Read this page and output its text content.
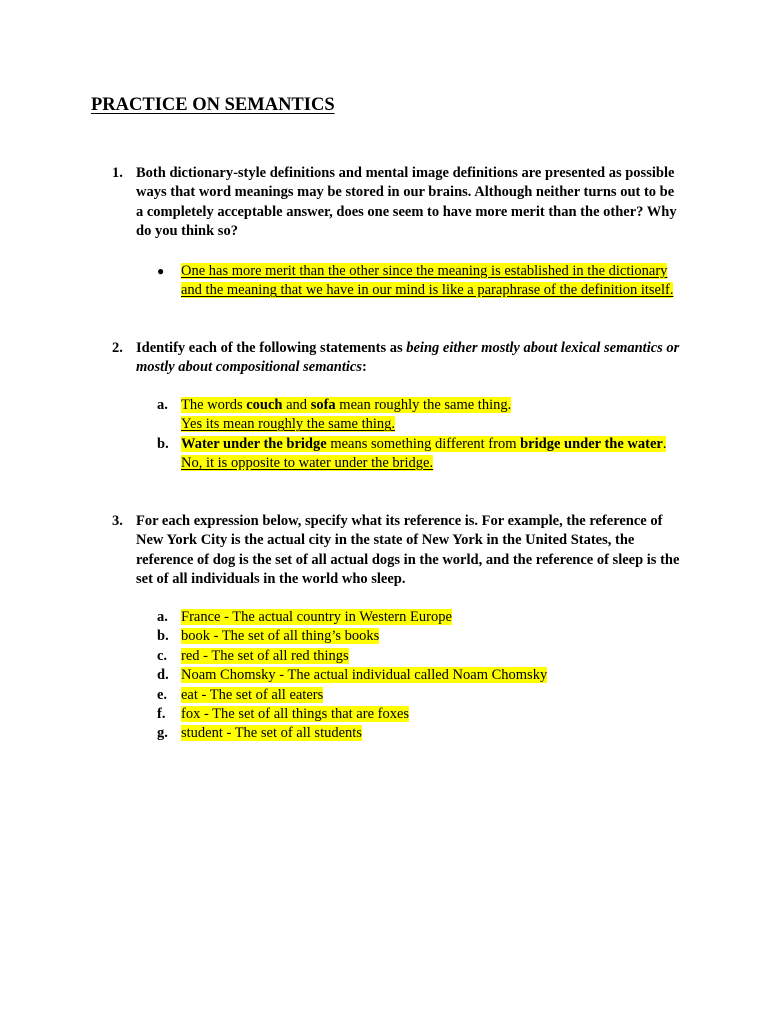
PRACTICE ON SEMANTICS
1. Both dictionary-style definitions and mental image definitions are presented as possible ways that word meanings may be stored in our brains. Although neither turns out to be a completely acceptable answer, does one seem to have more merit than the other? Why do you think so?
● One has more merit than the other since the meaning is established in the dictionary and the meaning that we have in our mind is like a paraphrase of the definition itself.
2. Identify each of the following statements as being either mostly about lexical semantics or mostly about compositional semantics:
a. The words couch and sofa mean roughly the same thing.
Yes its mean roughly the same thing.
b. Water under the bridge means something different from bridge under the water.
No, it is opposite to water under the bridge.
3. For each expression below, specify what its reference is. For example, the reference of New York City is the actual city in the state of New York in the United States, the reference of dog is the set of all actual dogs in the world, and the reference of sleep is the set of all individuals in the world who sleep.
a. France - The actual country in Western Europe
b. book - The set of all thing’s books
c. red - The set of all red things
d. Noam Chomsky - The actual individual called Noam Chomsky
e. eat - The set of all eaters
f. fox - The set of all things that are foxes
g. student - The set of all students
